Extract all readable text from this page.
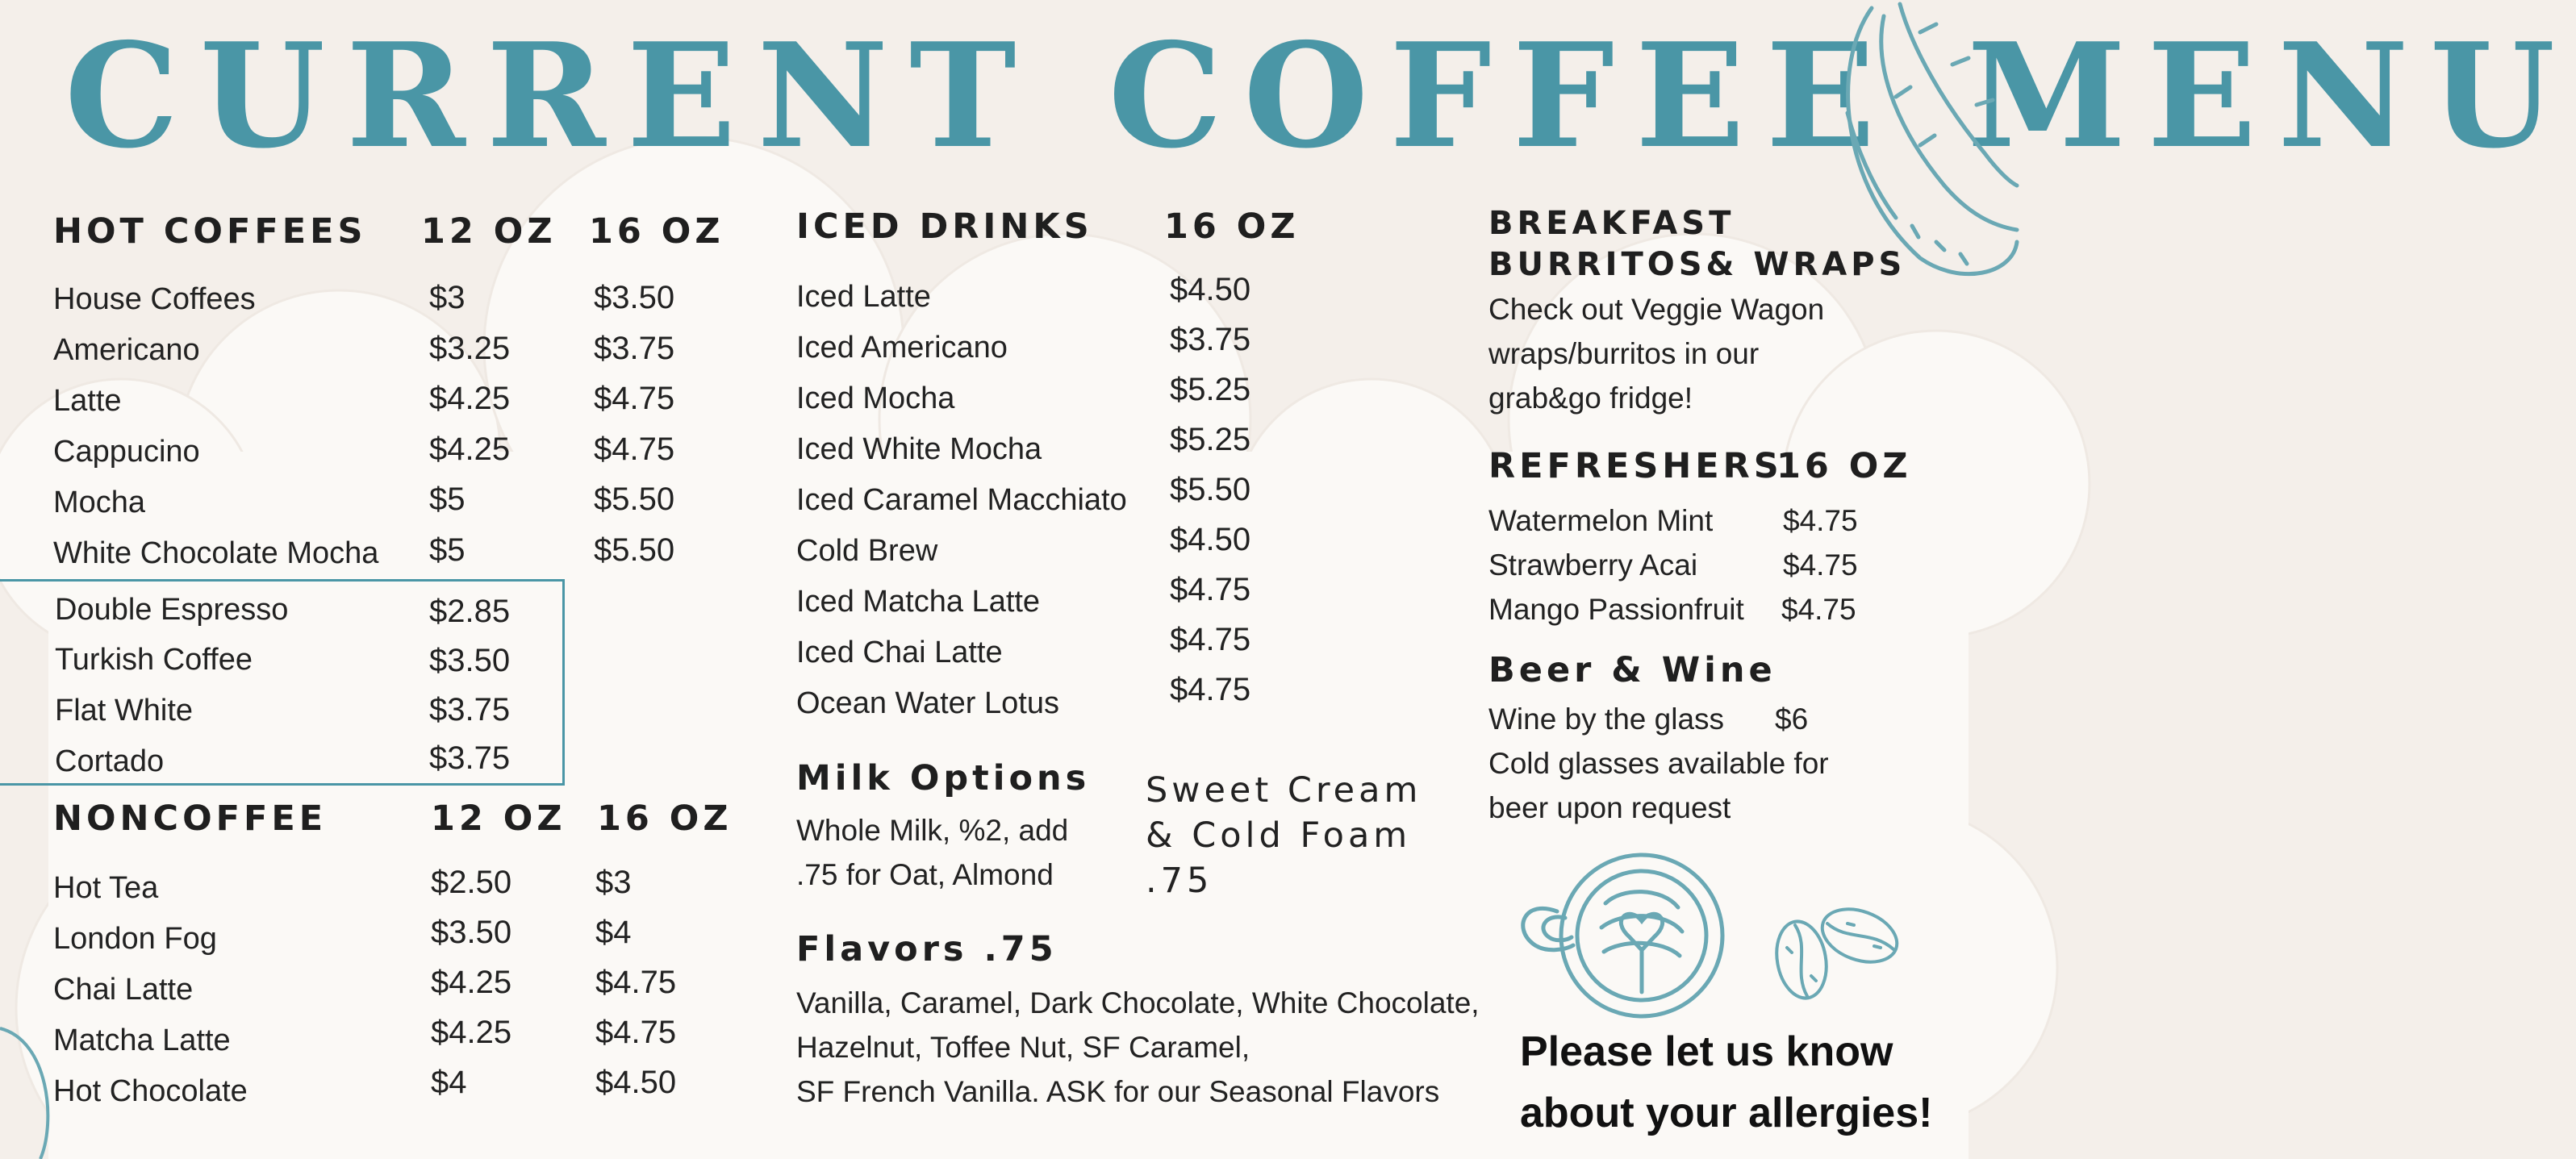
CURRENT COFFEE MENU
HOT COFFEES 12 OZ 16 OZ
House Coffees	$3	$3.50
Americano	$3.25	$3.75
Latte	$4.25	$4.75
Cappucino	$4.25	$4.75
Mocha	$5	$5.50
White Chocolate Mocha $5	$5.50
Double Espresso	$2.85
Turkish Coffee	$3.50
Flat White	$3.75
Cortado	$3.75
NONCOFFEE	12 OZ 16 OZ
Hot Tea	$2.50	$3
London Fog	$3.50	$4
Chai Latte	$4.25	$4.75
Matcha Latte	$4.25	$4.75
Hot Chocolate	$4	$4.50
ICED DRINKS 16 OZ
Iced Latte	$4.50
Iced Americano	$3.75
Iced Mocha	$5.25
Iced White Mocha	$5.25
Iced Caramel Macchiato $5.50
Cold Brew	$4.50
Iced Matcha Latte	$4.75
Iced Chai Latte	$4.75
Ocean Water Lotus	$4.75
Milk Options
Whole Milk, %2, add
.75 for Oat, Almond
Sweet Cream
& Cold Foam
.75
Flavors .75
Vanilla, Caramel, Dark Chocolate, White Chocolate,
Hazelnut, Toffee Nut, SF Caramel,
SF French Vanilla. ASK for our Seasonal Flavors
BREAKFAST
BURRITOS& WRAPS
Check out Veggie Wagon
wraps/burritos in our
grab&go fridge!
REFRESHERS
16 OZ
Watermelon Mint $4.75
Strawberry Acai	$4.75
Mango Passionfruit $4.75
Beer & Wine
Wine by the glass $6
Cold glasses available for
beer upon request
Please let us know
about your allergies!
